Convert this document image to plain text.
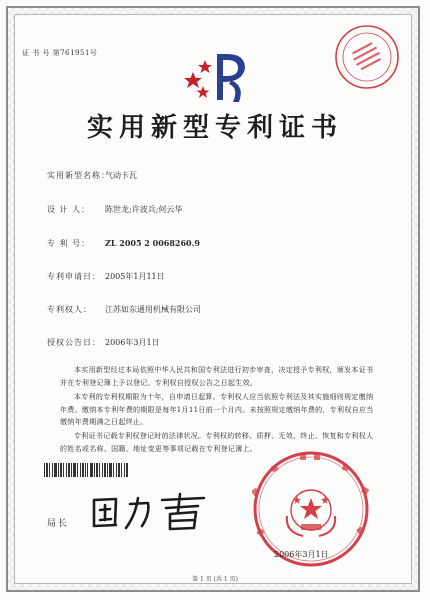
证 书 号 第761951号
实用新型专利证书
实用新型名称：气动卡瓦
设 计 人： 陈世龙;许波兵;何云华
专 利 号： ZL 2005 2 0068260.9
专利申请日： 2005年1月11日
专利权人： 江苏如东通用机械有限公司
授权公告日： 2006年3月1日
本实用新型经过本局依照中华人民共和国专利法进行初步审查，决定授予专利权，颁发本证书并在专利登记簿上予以登记。专利权自授权公告之日起生效。
本专利的专利权期限为十年，自申请日起算。专利权人应当依照专利法及其实施细则规定缴纳年费。缴纳本专利年费的期限是每年1月11日前一个月内。未按照规定缴纳年费的，专利权自应当缴纳年费期满之日起终止。
专利证书记载专利权登记时的法律状况。专利权的转移、质押、无效、终止、恢复和专利权人的姓名或名称、国籍、地址变更等事项记载在专利登记簿上。
局长
2006年3月1日
第 1 页 (共 1 页)
